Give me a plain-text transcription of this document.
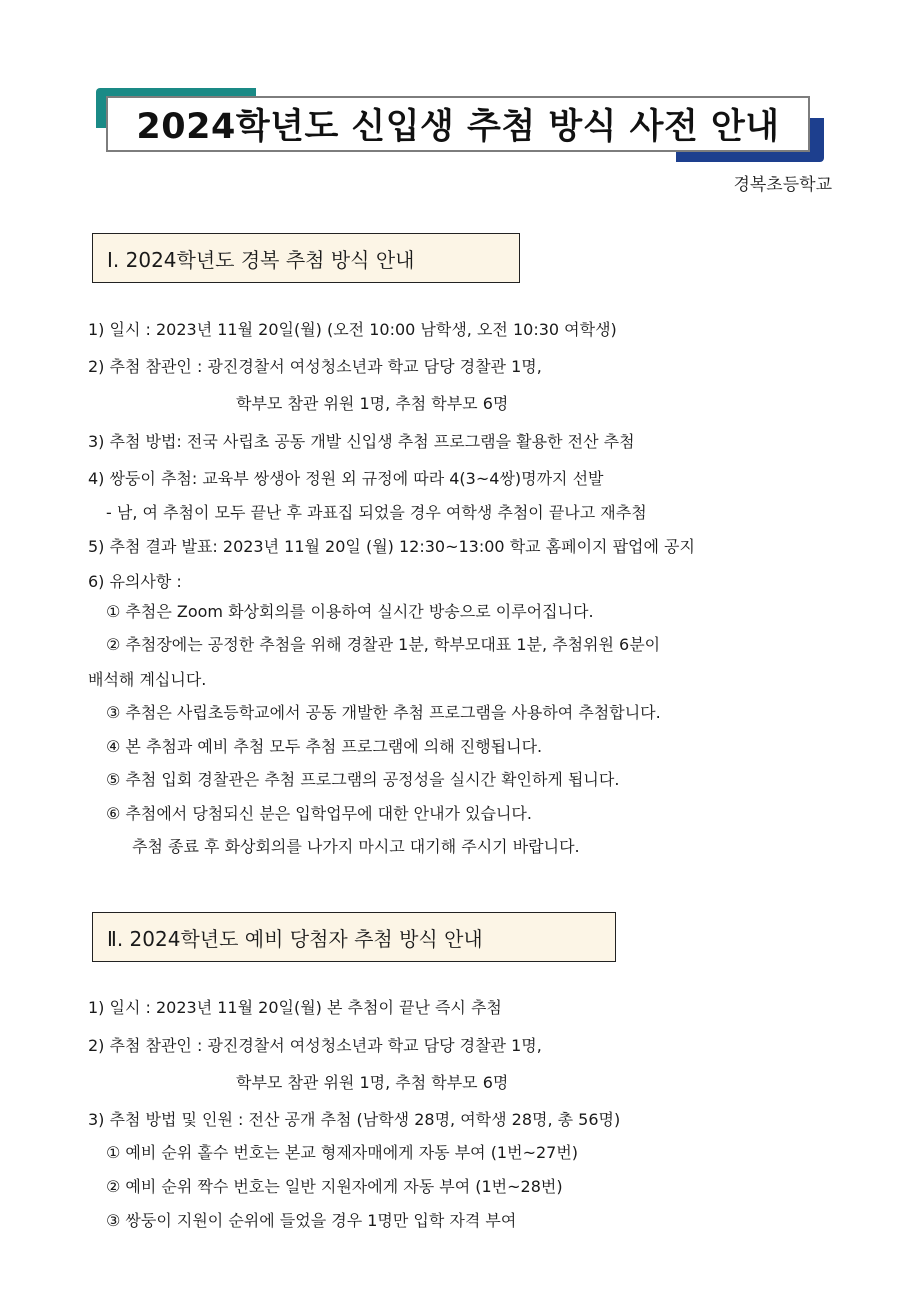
2024학년도 신입생 추첨 방식 사전 안내
경복초등학교
Ⅰ. 2024학년도 경복 추첨 방식 안내
1) 일시 : 2023년 11월 20일(월) (오전 10:00 남학생, 오전 10:30 여학생)
2) 추첨 참관인 : 광진경찰서 여성청소년과 학교 담당 경찰관 1명,
학부모 참관 위원 1명, 추첨 학부모 6명
3) 추첨 방법: 전국 사립초 공동 개발 신입생 추첨 프로그램을 활용한 전산 추첨
4) 쌍둥이 추첨: 교육부 쌍생아 정원 외 규정에 따라 4(3~4쌍)명까지 선발
- 남, 여 추첨이 모두 끝난 후 과표집 되었을 경우 여학생 추첨이 끝나고 재추첨
5) 추첨 결과 발표: 2023년 11월 20일 (월) 12:30~13:00 학교 홈페이지 팝업에 공지
6) 유의사항 :
① 추첨은 Zoom 화상회의를 이용하여 실시간 방송으로 이루어집니다.
② 추첨장에는 공정한 추첨을 위해 경찰관 1분, 학부모대표 1분, 추첨위원 6분이
배석해 계십니다.
③ 추첨은 사립초등학교에서 공동 개발한 추첨 프로그램을 사용하여 추첨합니다.
④ 본 추첨과 예비 추첨 모두 추첨 프로그램에 의해 진행됩니다.
⑤ 추첨 입회 경찰관은 추첨 프로그램의 공정성을 실시간 확인하게 됩니다.
⑥ 추첨에서 당첨되신 분은 입학업무에 대한 안내가 있습니다.
추첨 종료 후 화상회의를 나가지 마시고 대기해 주시기 바랍니다.
Ⅱ. 2024학년도 예비 당첨자 추첨 방식 안내
1) 일시 : 2023년 11월 20일(월) 본 추첨이 끝난 즉시 추첨
2) 추첨 참관인 : 광진경찰서 여성청소년과 학교 담당 경찰관 1명,
학부모 참관 위원 1명, 추첨 학부모 6명
3) 추첨 방법 및 인원 : 전산 공개 추첨 (남학생 28명, 여학생 28명, 총 56명)
① 예비 순위 홀수 번호는 본교 형제자매에게 자동 부여 (1번~27번)
② 예비 순위 짝수 번호는 일반 지원자에게 자동 부여 (1번~28번)
③ 쌍둥이 지원이 순위에 들었을 경우 1명만 입학 자격 부여
